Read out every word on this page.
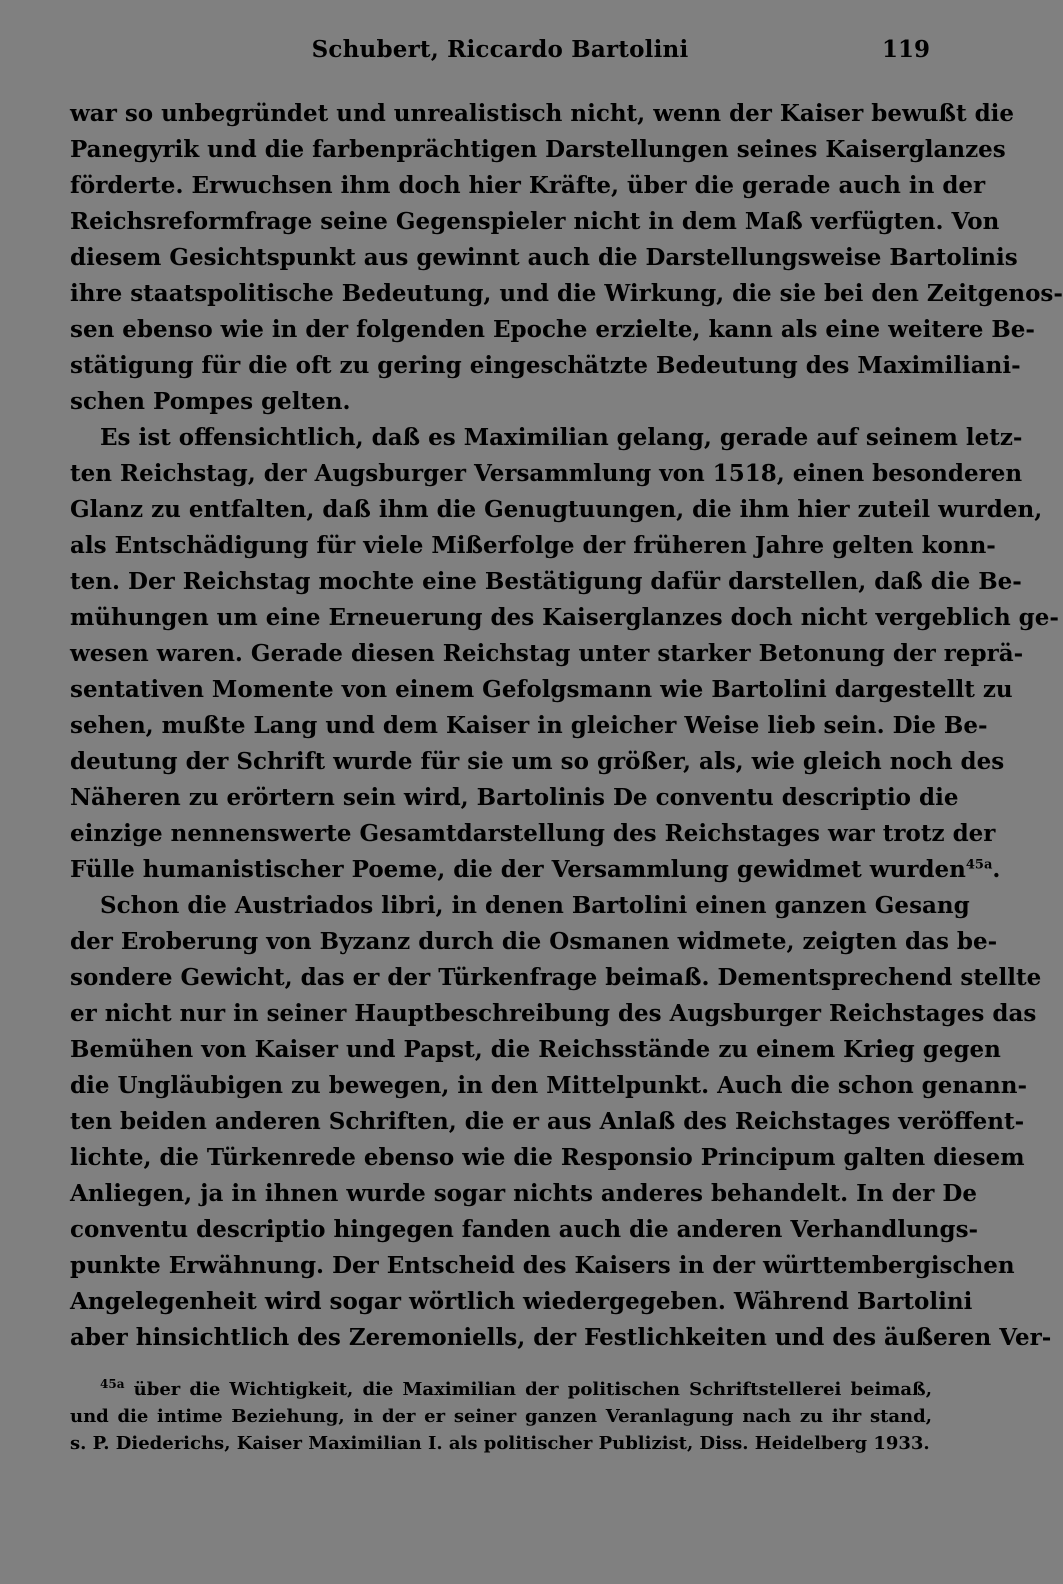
Schubert, Riccardo Bartolini	119
war so unbegründet und unrealistisch nicht, wenn der Kaiser bewußt die
Panegyrik und die farbenprächtigen Darstellungen seines Kaiserglanzes
förderte. Erwuchsen ihm doch hier Kräfte, über die gerade auch in der
Reichsreformfrage seine Gegenspieler nicht in dem Maß verfügten. Von
diesem Gesichtspunkt aus gewinnt auch die Darstellungsweise Bartolinis
ihre staatspolitische Bedeutung, und die Wirkung, die sie bei den Zeitgenos-
sen ebenso wie in der folgenden Epoche erzielte, kann als eine weitere Be-
stätigung für die oft zu gering eingeschätzte Bedeutung des Maximiliani-
schen Pompes gelten.
Es ist offensichtlich, daß es Maximilian gelang, gerade auf seinem letz-
ten Reichstag, der Augsburger Versammlung von 1518, einen besonderen
Glanz zu entfalten, daß ihm die Genugtuungen, die ihm hier zuteil wurden,
als Entschädigung für viele Mißerfolge der früheren Jahre gelten konn-
ten. Der Reichstag mochte eine Bestätigung dafür darstellen, daß die Be-
mühungen um eine Erneuerung des Kaiserglanzes doch nicht vergeblich ge-
wesen waren. Gerade diesen Reichstag unter starker Betonung der reprä-
sentativen Momente von einem Gefolgsmann wie Bartolini dargestellt zu
sehen, mußte Lang und dem Kaiser in gleicher Weise lieb sein. Die Be-
deutung der Schrift wurde für sie um so größer, als, wie gleich noch des
Näheren zu erörtern sein wird, Bartolinis De conventu descriptio die
einzige nennenswerte Gesamtdarstellung des Reichstages war trotz der
Fülle humanistischer Poeme, die der Versammlung gewidmet wurden$^{45a}$.
Schon die Austriados libri, in denen Bartolini einen ganzen Gesang
der Eroberung von Byzanz durch die Osmanen widmete, zeigten das be-
sondere Gewicht, das er der Türkenfrage beimaß. Dementsprechend stellte
er nicht nur in seiner Hauptbeschreibung des Augsburger Reichstages das
Bemühen von Kaiser und Papst, die Reichsstände zu einem Krieg gegen
die Ungläubigen zu bewegen, in den Mittelpunkt. Auch die schon genann-
ten beiden anderen Schriften, die er aus Anlaß des Reichstages veröffent-
lichte, die Türkenrede ebenso wie die Responsio Principum galten diesem
Anliegen, ja in ihnen wurde sogar nichts anderes behandelt. In der De
conventu descriptio hingegen fanden auch die anderen Verhandlungs-
punkte Erwähnung. Der Entscheid des Kaisers in der württembergischen
Angelegenheit wird sogar wörtlich wiedergegeben. Während Bartolini
aber hinsichtlich des Zeremoniells, der Festlichkeiten und des äußeren Ver-
$^{45a}$ über die Wichtigkeit, die Maximilian der politischen Schriftstellerei beimaß,
und die intime Beziehung, in der er seiner ganzen Veranlagung nach zu ihr stand,
s. P. Diederichs, Kaiser Maximilian I. als politischer Publizist, Diss. Heidelberg 1933.
